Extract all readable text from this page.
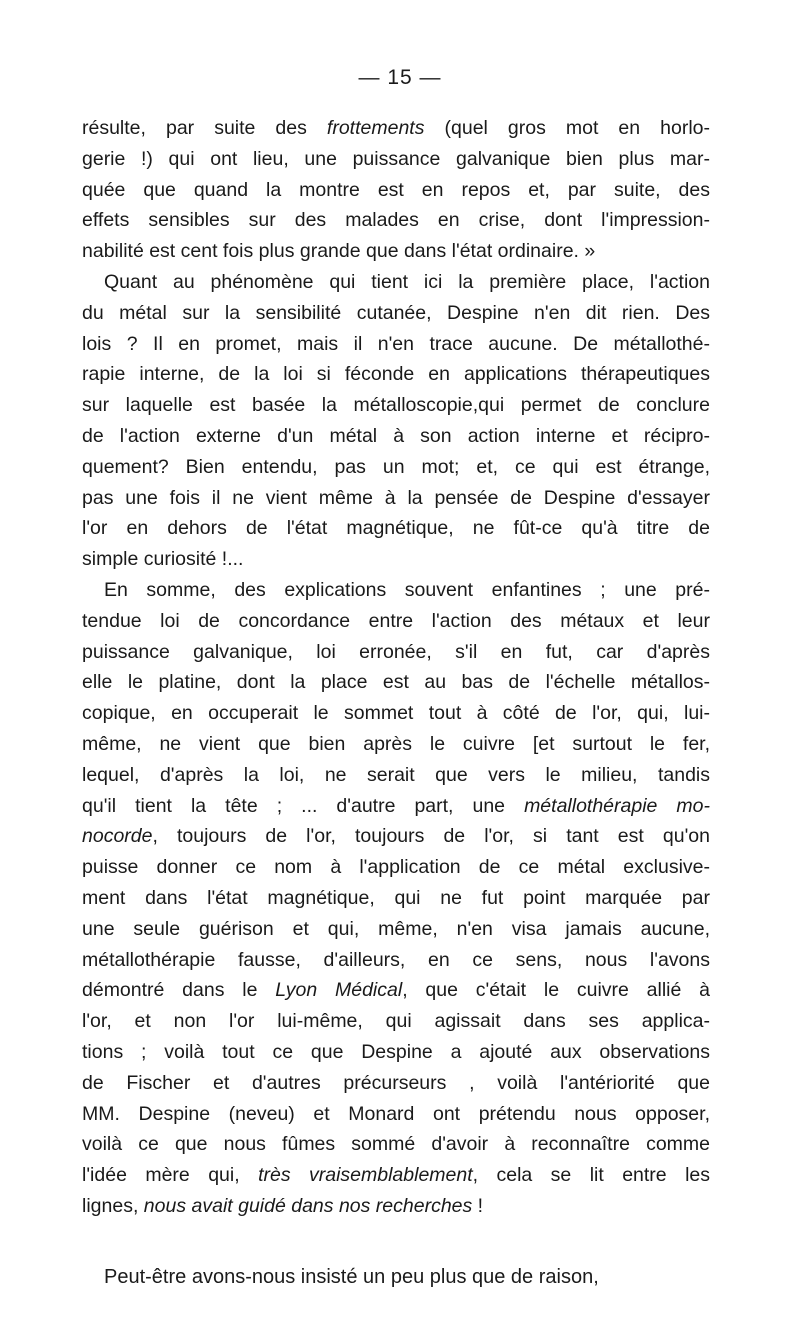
— 15 —
résulte, par suite des frottements (quel gros mot en horlo-
gerie !) qui ont lieu, une puissance galvanique bien plus mar-
quée que quand la montre est en repos et, par suite, des
effets sensibles sur des malades en crise, dont l'impression-
nabilité est cent fois plus grande que dans l'état ordinaire. »
Quant au phénomène qui tient ici la première place, l'action
du métal sur la sensibilité cutanée, Despine n'en dit rien. Des
lois ? Il en promet, mais il n'en trace aucune. De métallothé-
rapie interne, de la loi si féconde en applications thérapeutiques
sur laquelle est basée la métalloscopie,qui permet de conclure
de l'action externe d'un métal à son action interne et récipro-
quement? Bien entendu, pas un mot; et, ce qui est étrange,
pas une fois il ne vient même à la pensée de Despine d'essayer
l'or en dehors de l'état magnétique, ne fût-ce qu'à titre de
simple curiosité !...
En somme, des explications souvent enfantines ; une pré-
tendue loi de concordance entre l'action des métaux et leur
puissance galvanique, loi erronée, s'il en fut, car d'après
elle le platine, dont la place est au bas de l'échelle métallos-
copique, en occuperait le sommet tout à côté de l'or, qui, lui-
même, ne vient que bien après le cuivre [et surtout le fer,
lequel, d'après la loi, ne serait que vers le milieu, tandis
qu'il tient la tête ; ... d'autre part, une métallothérapie mo-
nocorde, toujours de l'or, toujours de l'or, si tant est qu'on
puisse donner ce nom à l'application de ce métal exclusive-
ment dans l'état magnétique, qui ne fut point marquée par
une seule guérison et qui, même, n'en visa jamais aucune,
métallothérapie fausse, d'ailleurs, en ce sens, nous l'avons
démontré dans le Lyon Médical, que c'était le cuivre allié à
l'or, et non l'or lui-même, qui agissait dans ses applica-
tions ; voilà tout ce que Despine a ajouté aux observations
de Fischer et d'autres précurseurs , voilà l'antériorité que
MM. Despine (neveu) et Monard ont prétendu nous opposer,
voilà ce que nous fûmes sommé d'avoir à reconnaître comme
l'idée mère qui, très vraisemblablement, cela se lit entre les
lignes, nous avait guidé dans nos recherches !
Peut-être avons-nous insisté un peu plus que de raison,
